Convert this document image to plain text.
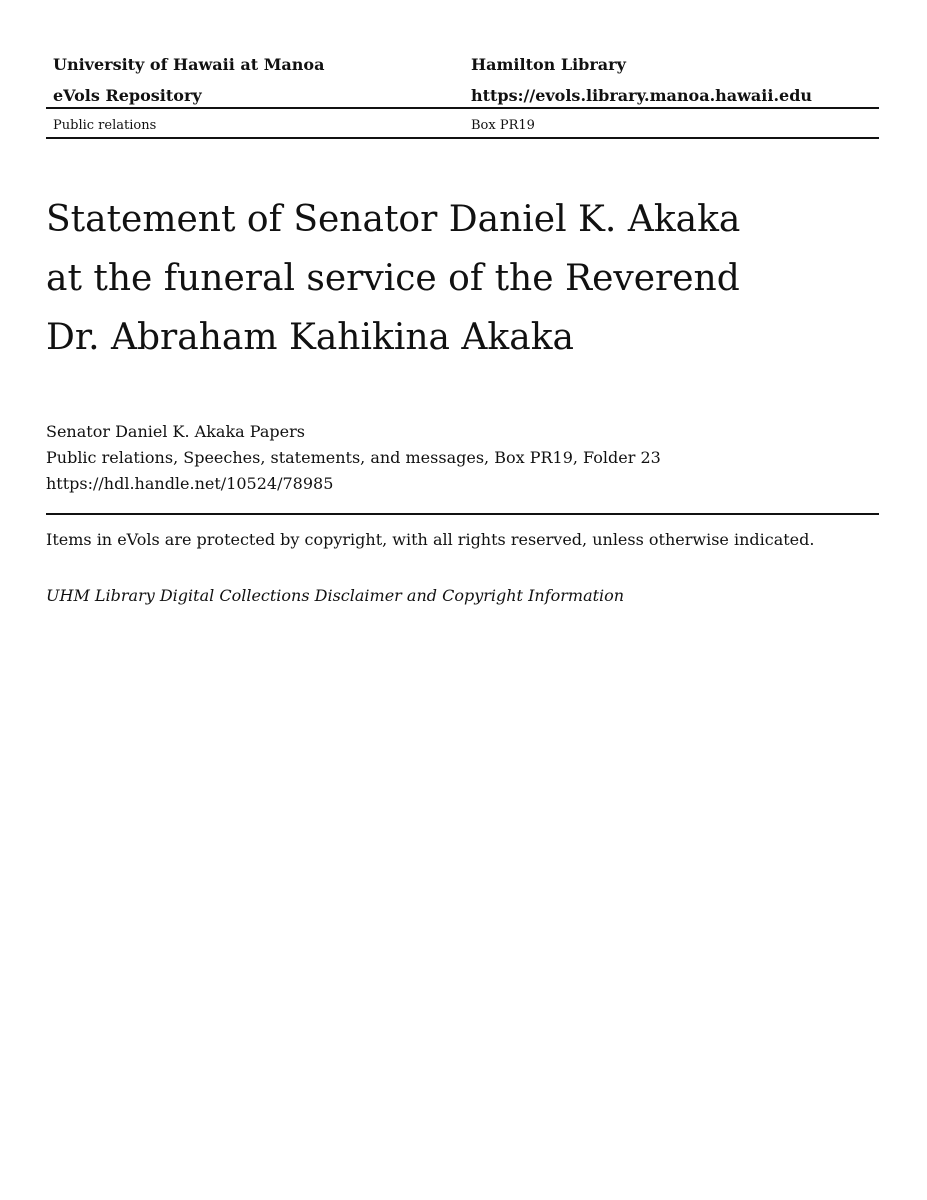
University of Hawaii at Manoa	Hamilton Library
eVols Repository	https://evols.library.manoa.hawaii.edu
Public relations	Box PR19
Statement of Senator Daniel K. Akaka
at the funeral service of the Reverend
Dr. Abraham Kahikina Akaka
Senator Daniel K. Akaka Papers
Public relations, Speeches, statements, and messages, Box PR19, Folder 23
https://hdl.handle.net/10524/78985
Items in eVols are protected by copyright, with all rights reserved, unless otherwise indicated.
UHM Library Digital Collections Disclaimer and Copyright Information
